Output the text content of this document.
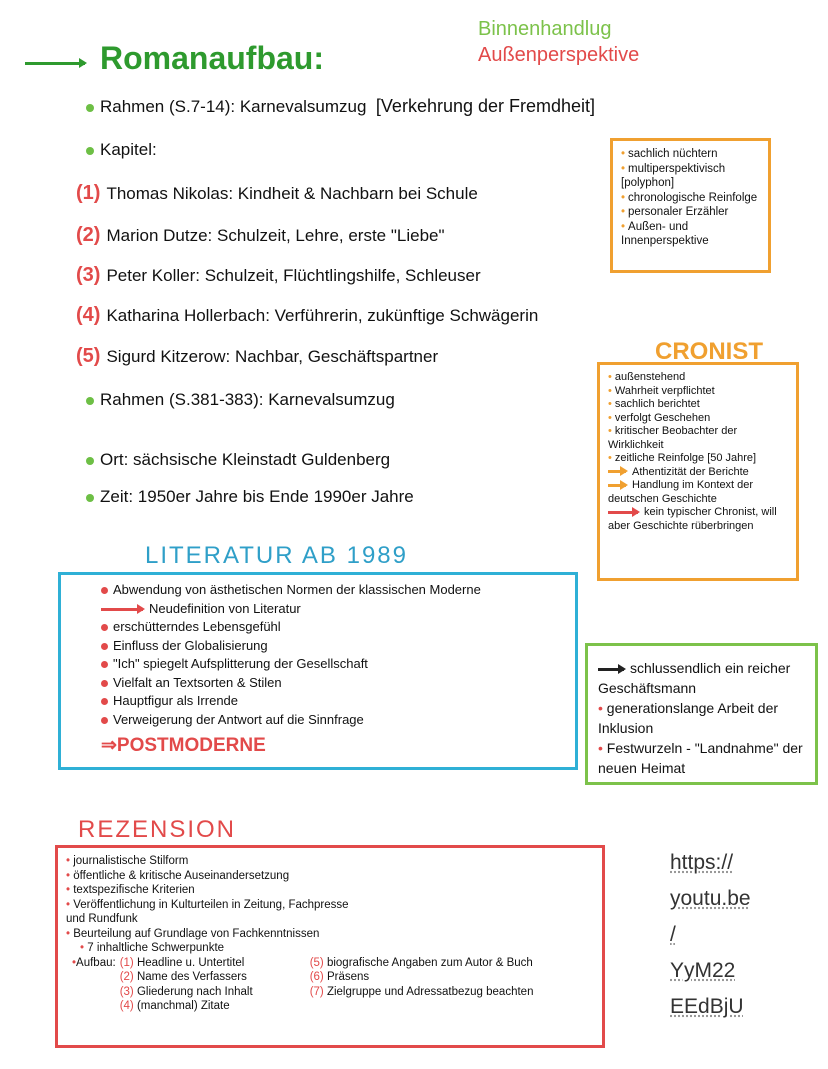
Romanaufbau:
Binnenhandlug
Außenperspektive
Rahmen (S.7-14): Karnevalsumzug [Verkehrung der Fremdheit]
Kapitel:
(1) Thomas Nikolas: Kindheit & Nachbarn bei Schule
(2) Marion Dutze: Schulzeit, Lehre, erste "Liebe"
(3) Peter Koller: Schulzeit, Flüchtlingshilfe, Schleuser
(4) Katharina Hollerbach: Verführerin, zukünftige Schwägerin
(5) Sigurd Kitzerow: Nachbar, Geschäftspartner
Rahmen (S.381-383): Karnevalsumzug
Ort: sächsische Kleinstadt Guldenberg
Zeit: 1950er Jahre bis Ende 1990er Jahre
• sachlich nüchtern
• multiperspektivisch [polyphon]
• chronologische Reinfolge
• personaler Erzähler
• Außen- und Innenperspektive
CRONIST
• außenstehend
• Wahrheit verpflichtet
• sachlich berichtet
• verfolgt Geschehen
• kritischer Beobachter der Wirklichkeit
• zeitliche Reinfolge [50 Jahre]
Athentizität der Berichte
Handlung im Kontext der deutschen Geschichte
kein typischer Chronist, will aber Geschichte rüberbringen
LITERATUR AB 1989
Abwendung von ästhetischen Normen der klassischen Moderne
Neudefinition von Literatur
erschütterndes Lebensgefühl
Einfluss der Globalisierung
"Ich" spiegelt Aufsplitterung der Gesellschaft
Vielfalt an Textsorten & Stilen
Hauptfigur als Irrende
Verweigerung der Antwort auf die Sinnfrage
⇒POSTMODERNE
schlussendlich ein reicher Geschäftsmann
• generationslange Arbeit der Inklusion
• Festwurzeln - "Landnahme" der neuen Heimat
REZENSION
• journalistische Stilform
• öffentliche & kritische Auseinandersetzung
• textspezifische Kriterien
• Veröffentlichung in Kulturteilen in Zeitung, Fachpresse und Rundfunk
• Beurteilung auf Grundlage von Fachkenntnissen
• 7 inhaltliche Schwerpunkte
• Aufbau: (1) Headline u. Untertitel
(2) Name des Verfassers
(3) Gliederung nach Inhalt
(4) (manchmal) Zitate
(5) biografische Angaben zum Autor & Buch
(6) Präsens
(7) Zielgruppe und Adressatbezug beachten
https://
youtu.be
/
YyM22
EEdBjU
